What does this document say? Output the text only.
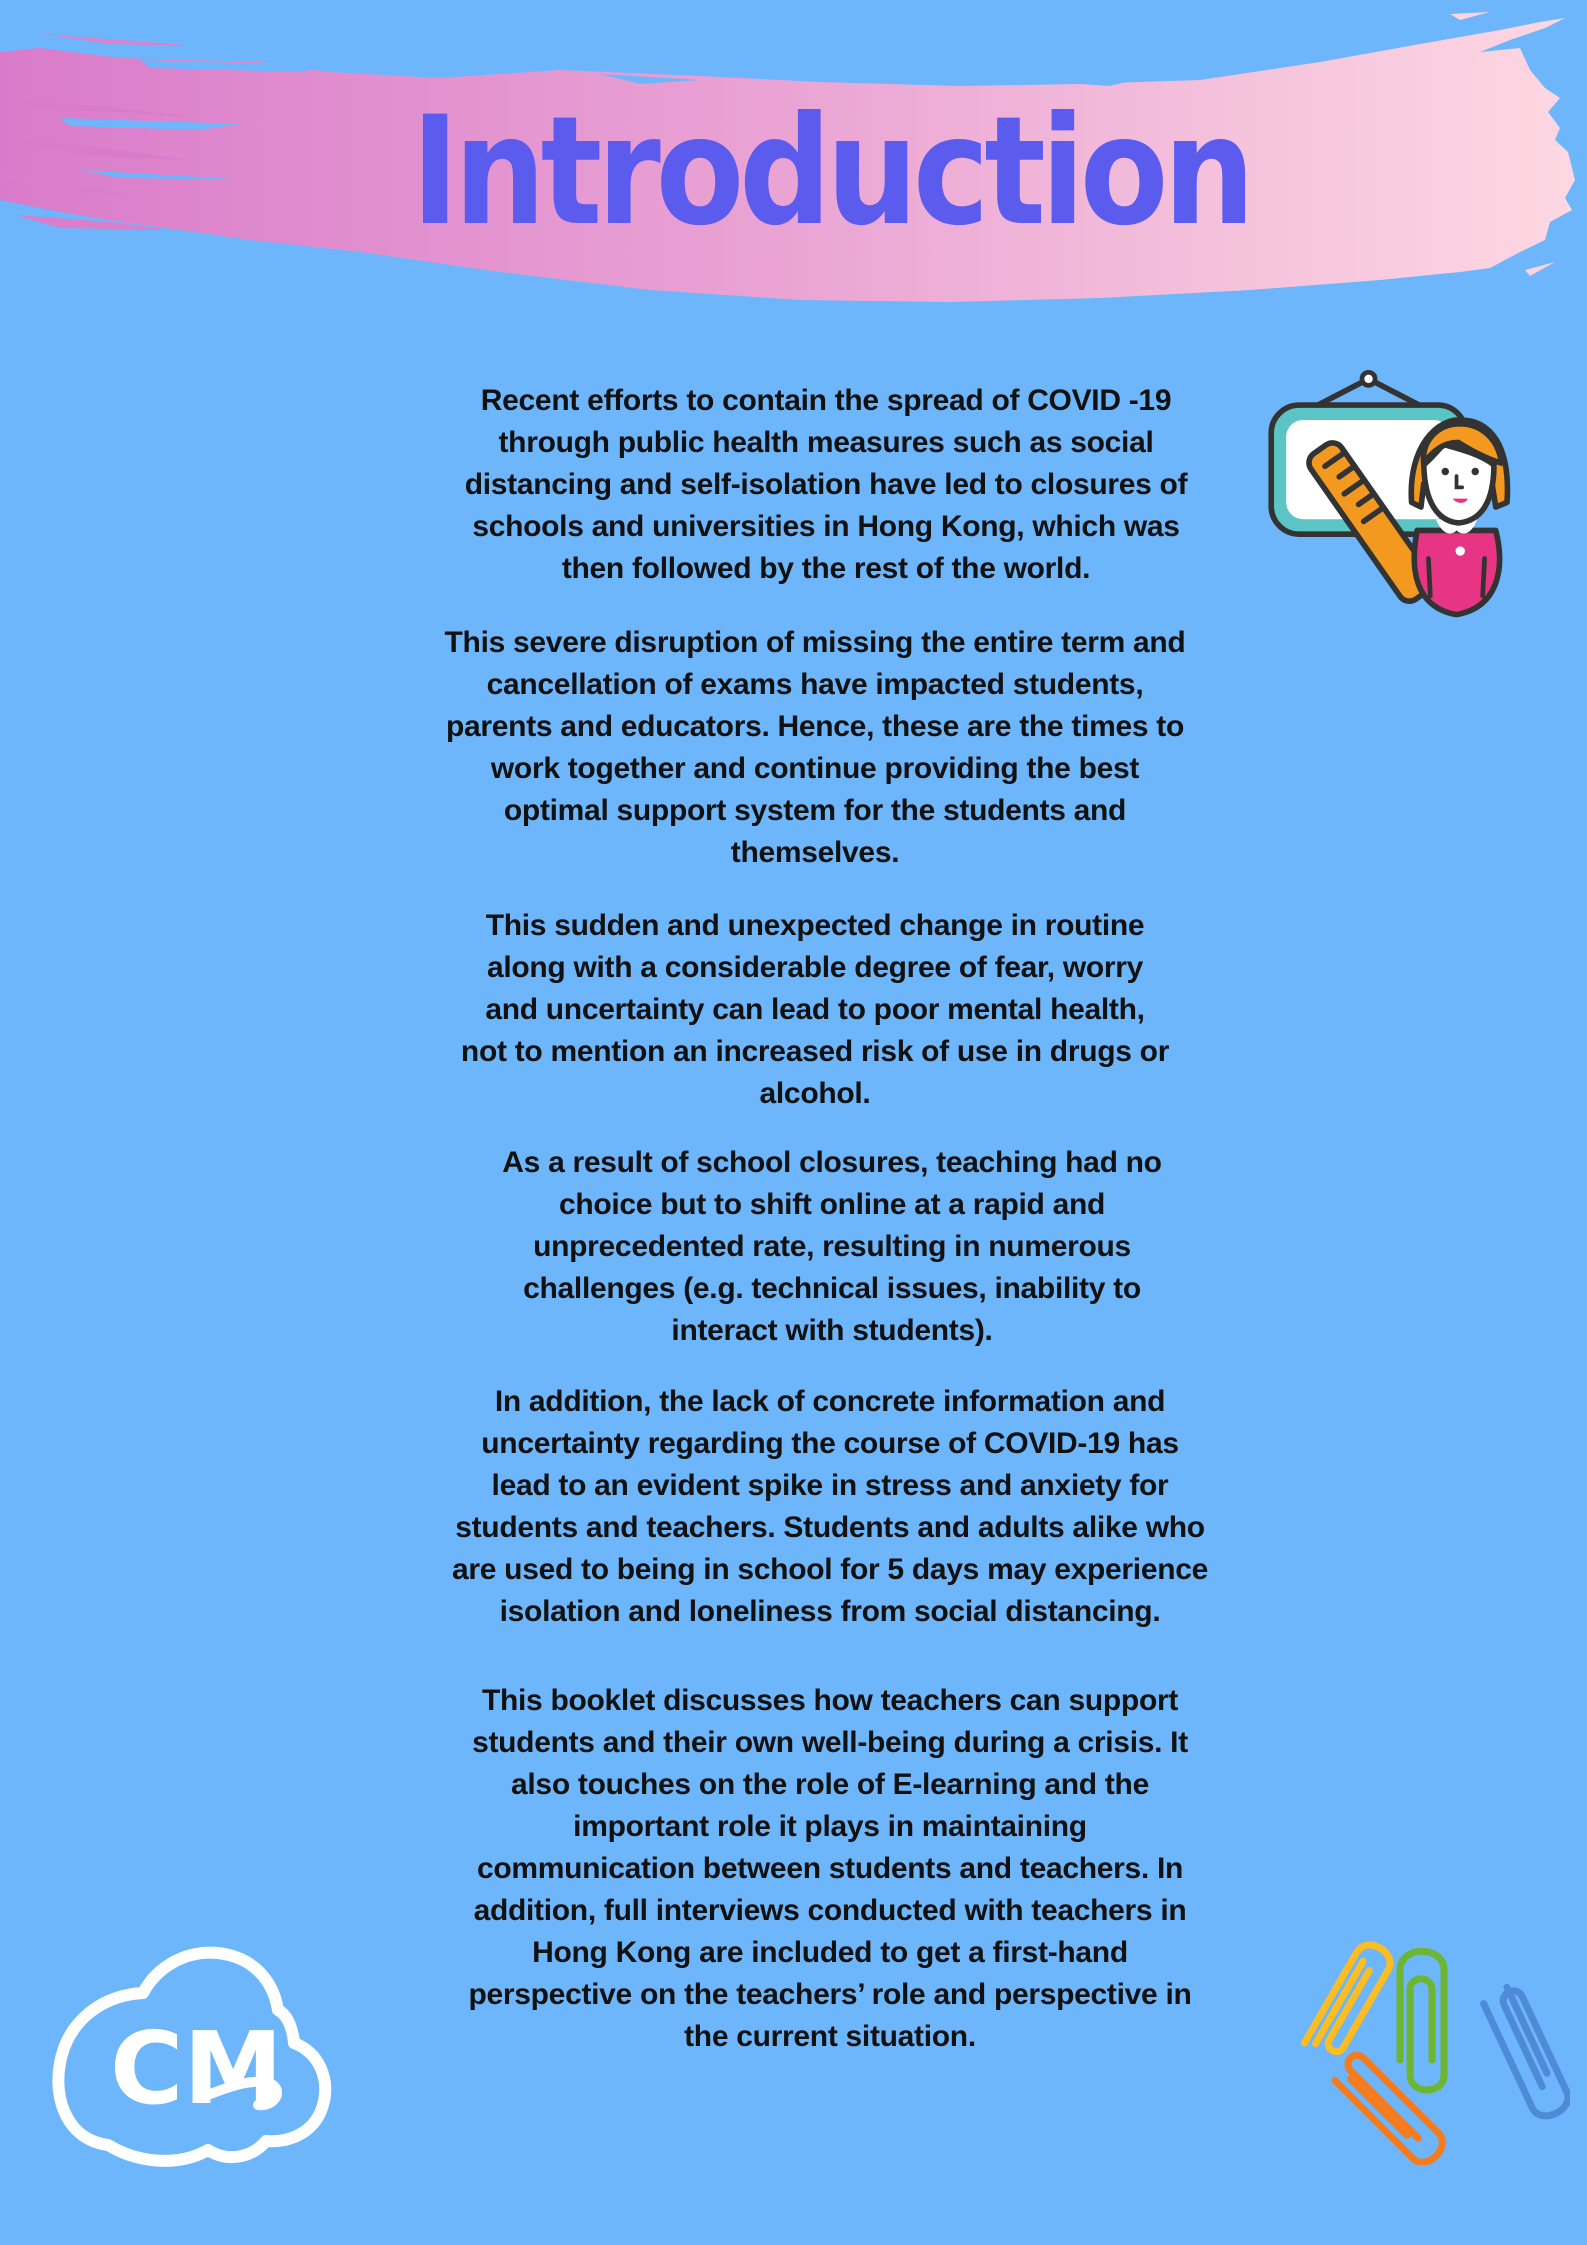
Introduction
Recent efforts to contain the spread of COVID -19
through public health measures such as social
distancing and self-isolation have led to closures of
schools and universities in Hong Kong, which was
then followed by the rest of the world.
This severe disruption of missing the entire term and
cancellation of exams have impacted students,
parents and educators. Hence, these are the times to
work together and continue providing the best
optimal support system for the students and
themselves.
This sudden and unexpected change in routine
along with a considerable degree of fear, worry
and uncertainty can lead to poor mental health,
not to mention an increased risk of use in drugs or
alcohol.
As a result of school closures, teaching had no
choice but to shift online at a rapid and
unprecedented rate, resulting in numerous
challenges (e.g. technical issues, inability to
interact with students).
In addition, the lack of concrete information and
uncertainty regarding the course of COVID-19 has
lead to an evident spike in stress and anxiety for
students and teachers. Students and adults alike who
are used to being in school for 5 days may experience
isolation and loneliness from social distancing.
This booklet discusses how teachers can support
students and their own well-being during a crisis. It
also touches on the role of E-learning and the
important role it plays in maintaining
communication between students and teachers. In
addition, full interviews conducted with teachers in
Hong Kong are included to get a first-hand
perspective on the teachers’ role and perspective in
the current situation.
CM
